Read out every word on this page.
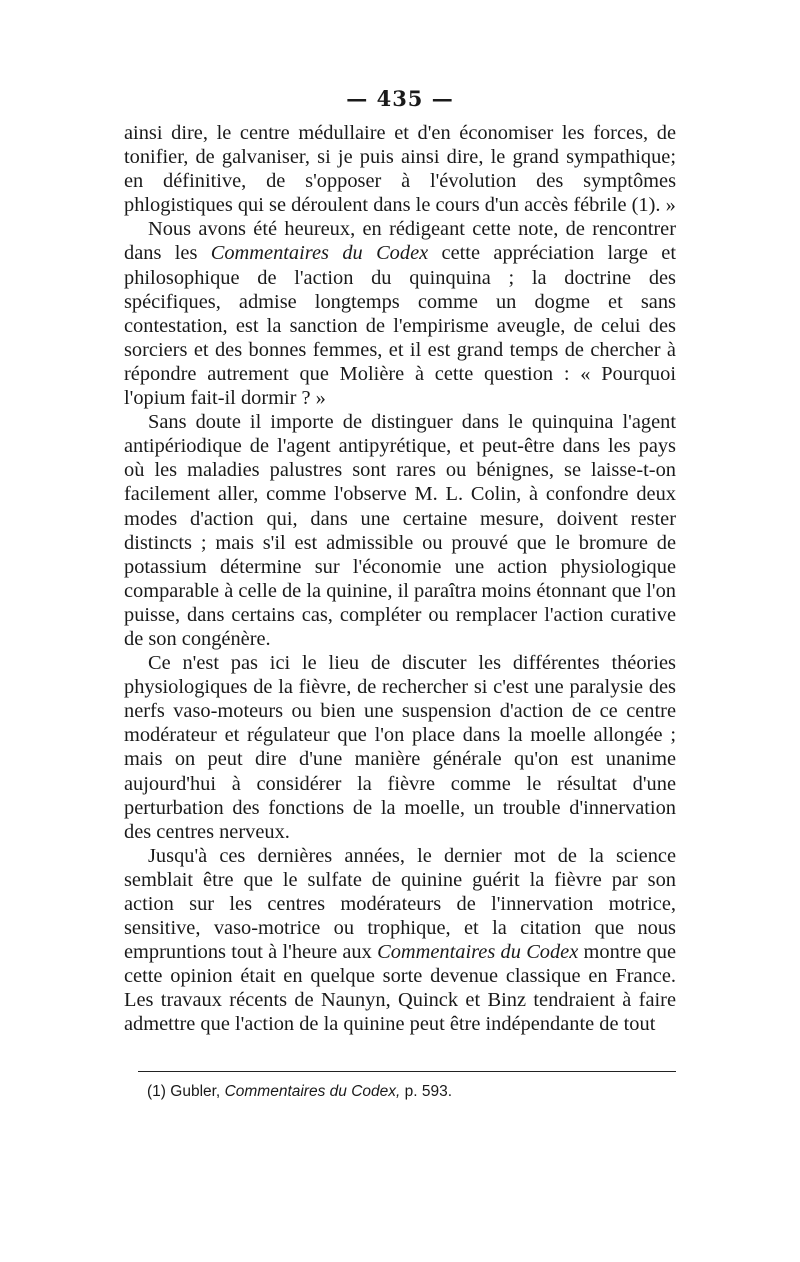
— 435 —

ainsi dire, le centre médullaire et d'en économiser les forces, de tonifier, de galvaniser, si je puis ainsi dire, le grand sympathique; en définitive, de s'opposer à l'évolution des symptômes phlogistiques qui se déroulent dans le cours d'un accès fébrile (1). »

Nous avons été heureux, en rédigeant cette note, de rencontrer dans les Commentaires du Codex cette appréciation large et philosophique de l'action du quinquina ; la doctrine des spécifiques, admise longtemps comme un dogme et sans contestation, est la sanction de l'empirisme aveugle, de celui des sorciers et des bonnes femmes, et il est grand temps de chercher à répondre autrement que Molière à cette question : « Pourquoi l'opium fait-il dormir ? »

Sans doute il importe de distinguer dans le quinquina l'agent antipériodique de l'agent antipyrétique, et peut-être dans les pays où les maladies palustres sont rares ou bénignes, se laisse-t-on facilement aller, comme l'observe M. L. Colin, à confondre deux modes d'action qui, dans une certaine mesure, doivent rester distincts ; mais s'il est admissible ou prouvé que le bromure de potassium détermine sur l'économie une action physiologique comparable à celle de la quinine, il paraîtra moins étonnant que l'on puisse, dans certains cas, compléter ou remplacer l'action curative de son congénère.

Ce n'est pas ici le lieu de discuter les différentes théories physiologiques de la fièvre, de rechercher si c'est une paralysie des nerfs vaso-moteurs ou bien une suspension d'action de ce centre modérateur et régulateur que l'on place dans la moelle allongée ; mais on peut dire d'une manière générale qu'on est unanime aujourd'hui à considérer la fièvre comme le résultat d'une perturbation des fonctions de la moelle, un trouble d'innervation des centres nerveux.

Jusqu'à ces dernières années, le dernier mot de la science semblait être que le sulfate de quinine guérit la fièvre par son action sur les centres modérateurs de l'innervation motrice, sensitive, vaso-motrice ou trophique, et la citation que nous empruntions tout à l'heure aux Commentaires du Codex montre que cette opinion était en quelque sorte devenue classique en France. Les travaux récents de Naunyn, Quinck et Binz tendraient à faire admettre que l'action de la quinine peut être indépendante de tout

(1) Gubler, Commentaires du Codex, p. 593.
